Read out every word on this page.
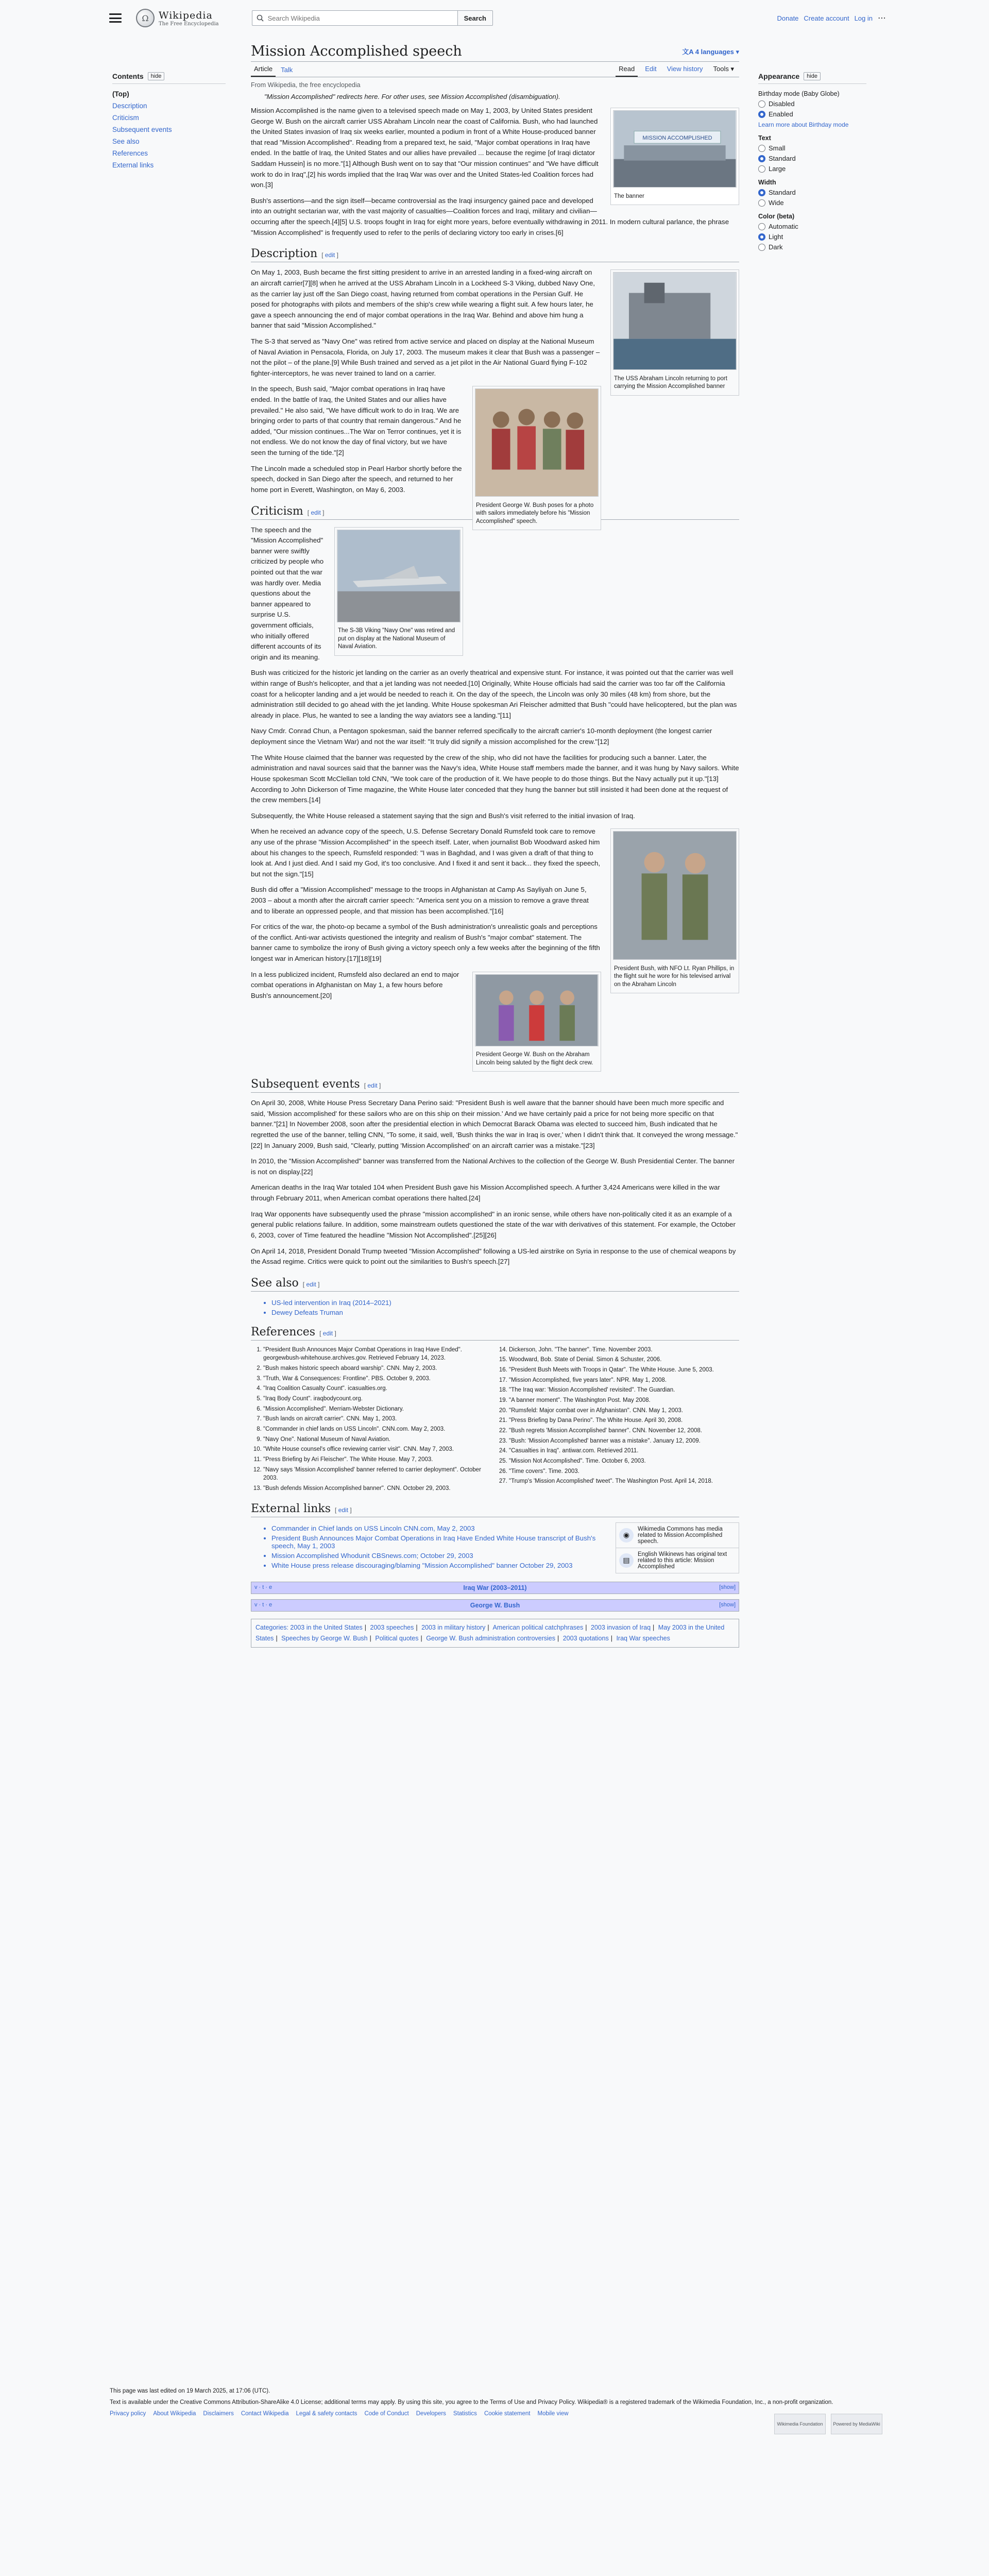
Ω	Wikipedia
The Free Encyclopedia
Search Wikipedia
Search	Donate Create account Log in ⋯
Contents	hide
(Top)
Description
Criticism
Subsequent events
See also
References
External links
Mission Accomplished speech	文A 4 languages ▾
Article	Talk	Read	Edit	View history	Tools ▾
From Wikipedia, the free encyclopedia
"Mission Accomplished" redirects here. For other uses, see Mission Accomplished (disambiguation).
MISSION ACCOMPLISHED
The banner

Mission Accomplished is the name given to a televised speech made on May 1, 2003, by United States president George W. Bush on the aircraft carrier USS Abraham Lincoln near the coast of California. Bush, who had launched the United States invasion of Iraq six weeks earlier, mounted a podium in front of a White House-produced banner that read "Mission Accomplished". Reading from a prepared text, he said, "Major combat operations in Iraq have ended. In the battle of Iraq, the United States and our allies have prevailed ... because the regime [of Iraqi dictator Saddam Hussein] is no more."[1] Although Bush went on to say that "Our mission continues" and "We have difficult work to do in Iraq",[2] his words implied that the Iraq War was over and the United States-led Coalition forces had won.[3]

Bush's assertions—and the sign itself—became controversial as the Iraqi insurgency gained pace and developed into an outright sectarian war, with the vast majority of casualties—Coalition forces and Iraqi, military and civilian—occurring after the speech.[4][5] U.S. troops fought in Iraq for eight more years, before eventually withdrawing in 2011. In modern cultural parlance, the phrase "Mission Accomplished" is frequently used to refer to the perils of declaring victory too early in crises.[6]

Description [ edit ]
The USS Abraham Lincoln returning to port carrying the Mission Accomplished banner

On May 1, 2003, Bush became the first sitting president to arrive in an arrested landing in a fixed-wing aircraft on an aircraft carrier[7][8] when he arrived at the USS Abraham Lincoln in a Lockheed S-3 Viking, dubbed Navy One, as the carrier lay just off the San Diego coast, having returned from combat operations in the Persian Gulf. He posed for photographs with pilots and members of the ship's crew while wearing a flight suit. A few hours later, he gave a speech announcing the end of major combat operations in the Iraq War. Behind and above him hung a banner that said "Mission Accomplished."

The S-3 that served as "Navy One" was retired from active service and placed on display at the National Museum of Naval Aviation in Pensacola, Florida, on July 17, 2003. The museum makes it clear that Bush was a passenger – not the pilot – of the plane.[9] While Bush trained and served as a jet pilot in the Air National Guard flying F-102 fighter-interceptors, he was never trained to land on a carrier.

President George W. Bush poses for a photo with sailors immediately before his "Mission Accomplished" speech.

In the speech, Bush said, "Major combat operations in Iraq have ended. In the battle of Iraq, the United States and our allies have prevailed." He also said, "We have difficult work to do in Iraq. We are bringing order to parts of that country that remain dangerous." And he added, "Our mission continues...The War on Terror continues, yet it is not endless. We do not know the day of final victory, but we have seen the turning of the tide."[2]

The Lincoln made a scheduled stop in Pearl Harbor shortly before the speech, docked in San Diego after the speech, and returned to her home port in Everett, Washington, on May 6, 2003.

Criticism [ edit ]
The S-3B Viking "Navy One" was retired and put on display at the National Museum of Naval Aviation.

The speech and the "Mission Accomplished" banner were swiftly criticized by people who pointed out that the war was hardly over. Media questions about the banner appeared to surprise U.S. government officials, who initially offered different accounts of its origin and its meaning.

Bush was criticized for the historic jet landing on the carrier as an overly theatrical and expensive stunt. For instance, it was pointed out that the carrier was well within range of Bush's helicopter, and that a jet landing was not needed.[10] Originally, White House officials had said the carrier was too far off the California coast for a helicopter landing and a jet would be needed to reach it. On the day of the speech, the Lincoln was only 30 miles (48 km) from shore, but the administration still decided to go ahead with the jet landing. White House spokesman Ari Fleischer admitted that Bush "could have helicoptered, but the plan was already in place. Plus, he wanted to see a landing the way aviators see a landing."[11]

Navy Cmdr. Conrad Chun, a Pentagon spokesman, said the banner referred specifically to the aircraft carrier's 10-month deployment (the longest carrier deployment since the Vietnam War) and not the war itself: "It truly did signify a mission accomplished for the crew."[12]

The White House claimed that the banner was requested by the crew of the ship, who did not have the facilities for producing such a banner. Later, the administration and naval sources said that the banner was the Navy's idea, White House staff members made the banner, and it was hung by Navy sailors. White House spokesman Scott McClellan told CNN, "We took care of the production of it. We have people to do those things. But the Navy actually put it up."[13] According to John Dickerson of Time magazine, the White House later conceded that they hung the banner but still insisted it had been done at the request of the crew members.[14]

Subsequently, the White House released a statement saying that the sign and Bush's visit referred to the initial invasion of Iraq.

President Bush, with NFO Lt. Ryan Phillips, in the flight suit he wore for his televised arrival on the Abraham Lincoln

When he received an advance copy of the speech, U.S. Defense Secretary Donald Rumsfeld took care to remove any use of the phrase "Mission Accomplished" in the speech itself. Later, when journalist Bob Woodward asked him about his changes to the speech, Rumsfeld responded: "I was in Baghdad, and I was given a draft of that thing to look at. And I just died. And I said my God, it's too conclusive. And I fixed it and sent it back... they fixed the speech, but not the sign."[15]

Bush did offer a "Mission Accomplished" message to the troops in Afghanistan at Camp As Sayliyah on June 5, 2003 – about a month after the aircraft carrier speech: "America sent you on a mission to remove a grave threat and to liberate an oppressed people, and that mission has been accomplished."[16]

For critics of the war, the photo-op became a symbol of the Bush administration's unrealistic goals and perceptions of the conflict. Anti-war activists questioned the integrity and realism of Bush's "major combat" statement. The banner came to symbolize the irony of Bush giving a victory speech only a few weeks after the beginning of the fifth longest war in American history.[17][18][19]

President George W. Bush on the Abraham Lincoln being saluted by the flight deck crew.

In a less publicized incident, Rumsfeld also declared an end to major combat operations in Afghanistan on May 1, a few hours before Bush's announcement.[20]

Subsequent events [ edit ]

On April 30, 2008, White House Press Secretary Dana Perino said: "President Bush is well aware that the banner should have been much more specific and said, 'Mission accomplished' for these sailors who are on this ship on their mission.' And we have certainly paid a price for not being more specific on that banner."[21] In November 2008, soon after the presidential election in which Democrat Barack Obama was elected to succeed him, Bush indicated that he regretted the use of the banner, telling CNN, "To some, it said, well, 'Bush thinks the war in Iraq is over,' when I didn't think that. It conveyed the wrong message."[22] In January 2009, Bush said, "Clearly, putting 'Mission Accomplished' on an aircraft carrier was a mistake."[23]

In 2010, the "Mission Accomplished" banner was transferred from the National Archives to the collection of the George W. Bush Presidential Center. The banner is not on display.[22]

American deaths in the Iraq War totaled 104 when President Bush gave his Mission Accomplished speech. A further 3,424 Americans were killed in the war through February 2011, when American combat operations there halted.[24]

Iraq War opponents have subsequently used the phrase "mission accomplished" in an ironic sense, while others have non-politically cited it as an example of a general public relations failure. In addition, some mainstream outlets questioned the state of the war with derivatives of this statement. For example, the October 6, 2003, cover of Time featured the headline "Mission Not Accomplished".[25][26]

On April 14, 2018, President Donald Trump tweeted "Mission Accomplished" following a US-led airstrike on Syria in response to the use of chemical weapons by the Assad regime. Critics were quick to point out the similarities to Bush's speech.[27]

See also [ edit ]
• US-led intervention in Iraq (2014–2021)
• Dewey Defeats Truman
References [ edit ]
1. "President Bush Announces Major Combat Operations in Iraq Have Ended". georgewbush-whitehouse.archives.gov. Retrieved February 14, 2023.
2. "Bush makes historic speech aboard warship". CNN. May 2, 2003.
3. "Truth, War & Consequences: Frontline". PBS. October 9, 2003.
4. "Iraq Coalition Casualty Count". icasualties.org.
5. "Iraq Body Count". iraqbodycount.org.
6. "Mission Accomplished". Merriam-Webster Dictionary.
7. "Bush lands on aircraft carrier". CNN. May 1, 2003.
8. "Commander in chief lands on USS Lincoln". CNN.com. May 2, 2003.
9. "Navy One". National Museum of Naval Aviation.
10. "White House counsel's office reviewing carrier visit". CNN. May 7, 2003.
11. "Press Briefing by Ari Fleischer". The White House. May 7, 2003.
12. "Navy says 'Mission Accomplished' banner referred to carrier deployment". October 2003.
13. "Bush defends Mission Accomplished banner". CNN. October 29, 2003.
14. Dickerson, John. "The banner". Time. November 2003.
15. Woodward, Bob. State of Denial. Simon & Schuster, 2006.
16. "President Bush Meets with Troops in Qatar". The White House. June 5, 2003.
17. "Mission Accomplished, five years later". NPR. May 1, 2008.
18. "The Iraq war: 'Mission Accomplished' revisited". The Guardian.
19. "A banner moment". The Washington Post. May 2008.
20. "Rumsfeld: Major combat over in Afghanistan". CNN. May 1, 2003.
21. "Press Briefing by Dana Perino". The White House. April 30, 2008.
22. "Bush regrets 'Mission Accomplished' banner". CNN. November 12, 2008.
23. "Bush: 'Mission Accomplished' banner was a mistake". January 12, 2009.
24. "Casualties in Iraq". antiwar.com. Retrieved 2011.
25. "Mission Not Accomplished". Time. October 6, 2003.
26. "Time covers". Time. 2003.
27. "Trump's 'Mission Accomplished' tweet". The Washington Post. April 14, 2018.
External links [ edit ]
◉
Wikimedia Commons has media related to Mission Accomplished speech.
▤
English Wikinews has original text related to this article: Mission Accomplished
• Commander in Chief lands on USS Lincoln CNN.com, May 2, 2003
• President Bush Announces Major Combat Operations in Iraq Have Ended White House transcript of Bush's speech, May 1, 2003
• Mission Accomplished Whodunit CBSnews.com; October 29, 2003
• White House press release discouraging/blaming "Mission Accomplished" banner October 29, 2003
v · t · e	Iraq War (2003–2011)	[show]
v · t · e	George W. Bush	[show]
Categories: 2003 in the United States | 2003 speeches | 2003 in military history | American political catchphrases | 2003 invasion of Iraq | May 2003 in the United States | Speeches by George W. Bush | Political quotes | George W. Bush administration controversies | 2003 quotations | Iraq War speeches
Appearance	hide
Birthday mode (Baby Globe)
Disabled
Enabled
Learn more about Birthday mode
Text
Small
Standard
Large
Width
Standard
Wide
Color (beta)
Automatic
Light
Dark

This page was last edited on 19 March 2025, at 17:06 (UTC).

Text is available under the Creative Commons Attribution-ShareAlike 4.0 License; additional terms may apply. By using this site, you agree to the Terms of Use and Privacy Policy. Wikipedia® is a registered trademark of the Wikimedia Foundation, Inc., a non-profit organization.

Privacy policy About Wikipedia Disclaimers Contact Wikipedia Legal & safety contacts Code of Conduct Developers Statistics Cookie statement Mobile view
Wikimedia Foundation	Powered by MediaWiki
